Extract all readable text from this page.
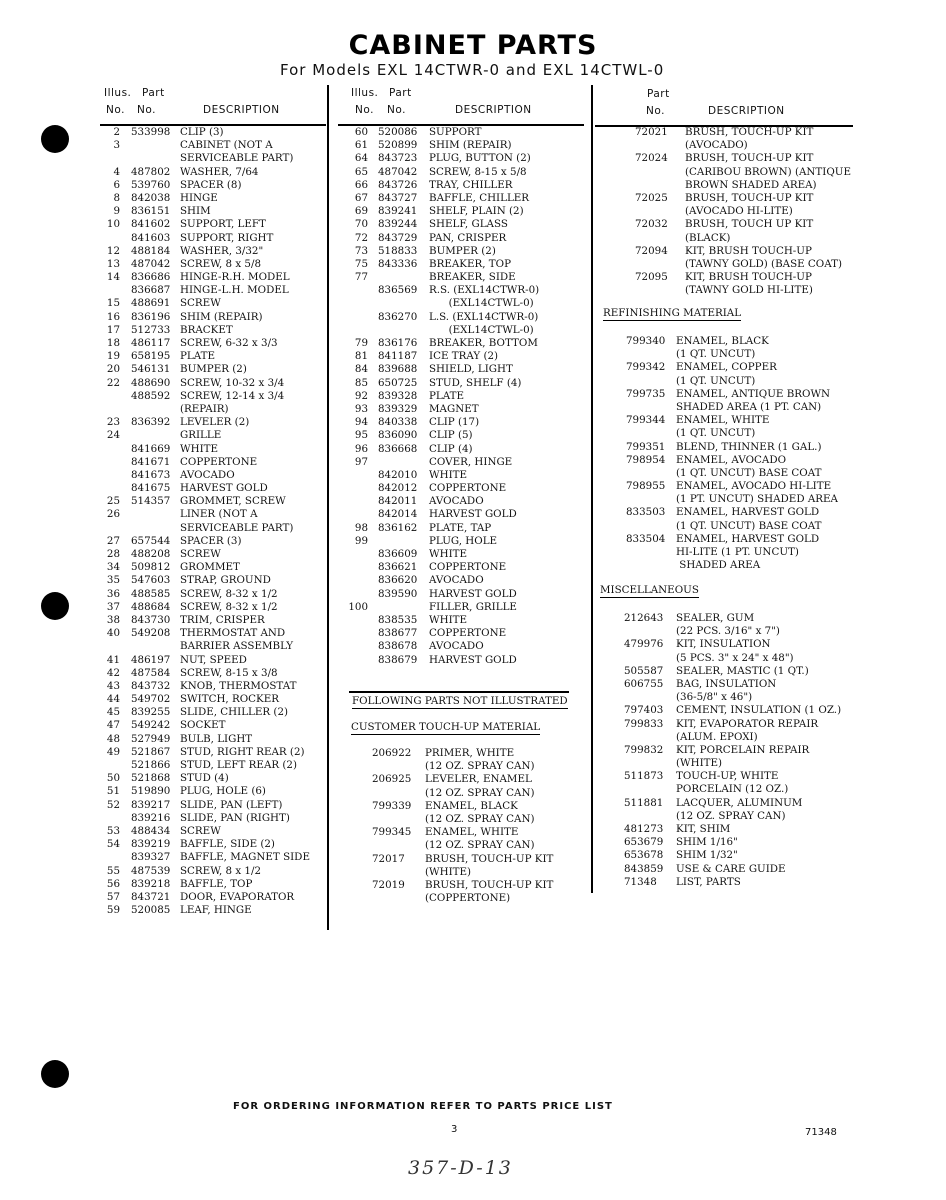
CABINET PARTS
For Models EXL 14CTWR-0 and EXL 14CTWL-0
Illus. Part
No. No.	DESCRIPTION
2 533998 CLIP (3)
3	CABINET (NOT A
SERVICEABLE PART)
4 487802 WASHER, 7/64
6 539760 SPACER (8)
8 842038 HINGE
9 836151 SHIM
10 841602 SUPPORT, LEFT
841603 SUPPORT, RIGHT
12 488184 WASHER, 3/32"
13 487042 SCREW, 8 x 5/8
14 836686 HINGE-R.H. MODEL
836687 HINGE-L.H. MODEL
15 488691 SCREW
16 836196 SHIM (REPAIR)
17 512733 BRACKET
18 486117 SCREW, 6-32 x 3/3
19 658195 PLATE
20 546131 BUMPER (2)
22 488690 SCREW, 10-32 x 3/4
488592 SCREW, 12-14 x 3/4
(REPAIR)
23 836392 LEVELER (2)
24	GRILLE
841669 WHITE
841671 COPPERTONE
841673 AVOCADO
841675 HARVEST GOLD
25 514357 GROMMET, SCREW
26	LINER (NOT A
SERVICEABLE PART)
27 657544 SPACER (3)
28 488208 SCREW
34 509812 GROMMET
35 547603 STRAP, GROUND
36 488585 SCREW, 8-32 x 1/2
37 488684 SCREW, 8-32 x 1/2
38 843730 TRIM, CRISPER
40 549208 THERMOSTAT AND
BARRIER ASSEMBLY
41 486197 NUT, SPEED
42 487584 SCREW, 8-15 x 3/8
43 843732 KNOB, THERMOSTAT
44 549702 SWITCH, ROCKER
45 839255 SLIDE, CHILLER (2)
47 549242 SOCKET
48 527949 BULB, LIGHT
49 521867 STUD, RIGHT REAR (2)
521866 STUD, LEFT REAR (2)
50 521868 STUD (4)
51 519890 PLUG, HOLE (6)
52 839217 SLIDE, PAN (LEFT)
839216 SLIDE, PAN (RIGHT)
53 488434 SCREW
54 839219 BAFFLE, SIDE (2)
839327 BAFFLE, MAGNET SIDE
55 487539 SCREW, 8 x 1/2
56 839218 BAFFLE, TOP
57 843721 DOOR, EVAPORATOR
59 520085 LEAF, HINGE
Illus. Part
No. No.	DESCRIPTION
60 520086 SUPPORT
61 520899 SHIM (REPAIR)
64 843723 PLUG, BUTTON (2)
65 487042 SCREW, 8-15 x 5/8
66 843726 TRAY, CHILLER
67 843727 BAFFLE, CHILLER
69 839241 SHELF, PLAIN (2)
70 839244 SHELF, GLASS
72 843729 PAN, CRISPER
73 518833 BUMPER (2)
75 843336 BREAKER, TOP
77	BREAKER, SIDE
836569 R.S. (EXL14CTWR-0)
(EXL14CTWL-0)
836270 L.S. (EXL14CTWR-0)
(EXL14CTWL-0)
79 836176 BREAKER, BOTTOM
81 841187 ICE TRAY (2)
84 839688 SHIELD, LIGHT
85 650725 STUD, SHELF (4)
92 839328 PLATE
93 839329 MAGNET
94 840338 CLIP (17)
95 836090 CLIP (5)
96 836668 CLIP (4)
97	COVER, HINGE
842010 WHITE
842012 COPPERTONE
842011 AVOCADO
842014 HARVEST GOLD
98 836162 PLATE, TAP
99	PLUG, HOLE
836609 WHITE
836621 COPPERTONE
836620 AVOCADO
839590 HARVEST GOLD
100	FILLER, GRILLE
838535 WHITE
838677 COPPERTONE
838678 AVOCADO
838679 HARVEST GOLD
FOLLOWING PARTS NOT ILLUSTRATED
CUSTOMER TOUCH-UP MATERIAL
206922 PRIMER, WHITE
(12 OZ. SPRAY CAN)
206925 LEVELER, ENAMEL
(12 OZ. SPRAY CAN)
799339 ENAMEL, BLACK
(12 OZ. SPRAY CAN)
799345 ENAMEL, WHITE
(12 OZ. SPRAY CAN)
72017 BRUSH, TOUCH-UP KIT
(WHITE)
72019 BRUSH, TOUCH-UP KIT
(COPPERTONE)
Part
No.	DESCRIPTION
72021 BRUSH, TOUCH-UP KIT
(AVOCADO)
72024 BRUSH, TOUCH-UP KIT
(CARIBOU BROWN) (ANTIQUE
BROWN SHADED AREA)
72025 BRUSH, TOUCH-UP KIT
(AVOCADO HI-LITE)
72032 BRUSH, TOUCH UP KIT
(BLACK)
72094 KIT, BRUSH TOUCH-UP
(TAWNY GOLD) (BASE COAT)
72095 KIT, BRUSH TOUCH-UP
(TAWNY GOLD HI-LITE)
REFINISHING MATERIAL
799340 ENAMEL, BLACK
(1 QT. UNCUT)
799342 ENAMEL, COPPER
(1 QT. UNCUT)
799735 ENAMEL, ANTIQUE BROWN
SHADED AREA (1 PT. CAN)
799344 ENAMEL, WHITE
(1 QT. UNCUT)
799351 BLEND, THINNER (1 GAL.)
798954 ENAMEL, AVOCADO
(1 QT. UNCUT) BASE COAT
798955 ENAMEL, AVOCADO HI-LITE
(1 PT. UNCUT) SHADED AREA
833503 ENAMEL, HARVEST GOLD
(1 QT. UNCUT) BASE COAT
833504 ENAMEL, HARVEST GOLD
HI-LITE (1 PT. UNCUT)
SHADED AREA
MISCELLANEOUS
212643 SEALER, GUM
(22 PCS. 3/16" x 7")
479976 KIT, INSULATION
(5 PCS. 3" x 24" x 48")
505587 SEALER, MASTIC (1 QT.)
606755 BAG, INSULATION
(36-5/8" x 46")
797403 CEMENT, INSULATION (1 OZ.)
799833 KIT, EVAPORATOR REPAIR
(ALUM. EPOXI)
799832 KIT, PORCELAIN REPAIR
(WHITE)
511873 TOUCH-UP, WHITE
PORCELAIN (12 OZ.)
511881 LACQUER, ALUMINUM
(12 OZ. SPRAY CAN)
481273 KIT, SHIM
653679 SHIM 1/16"
653678 SHIM 1/32"
843859 USE & CARE GUIDE
71348 LIST, PARTS
FOR ORDERING INFORMATION REFER TO PARTS PRICE LIST
3	71348
357-D-13
